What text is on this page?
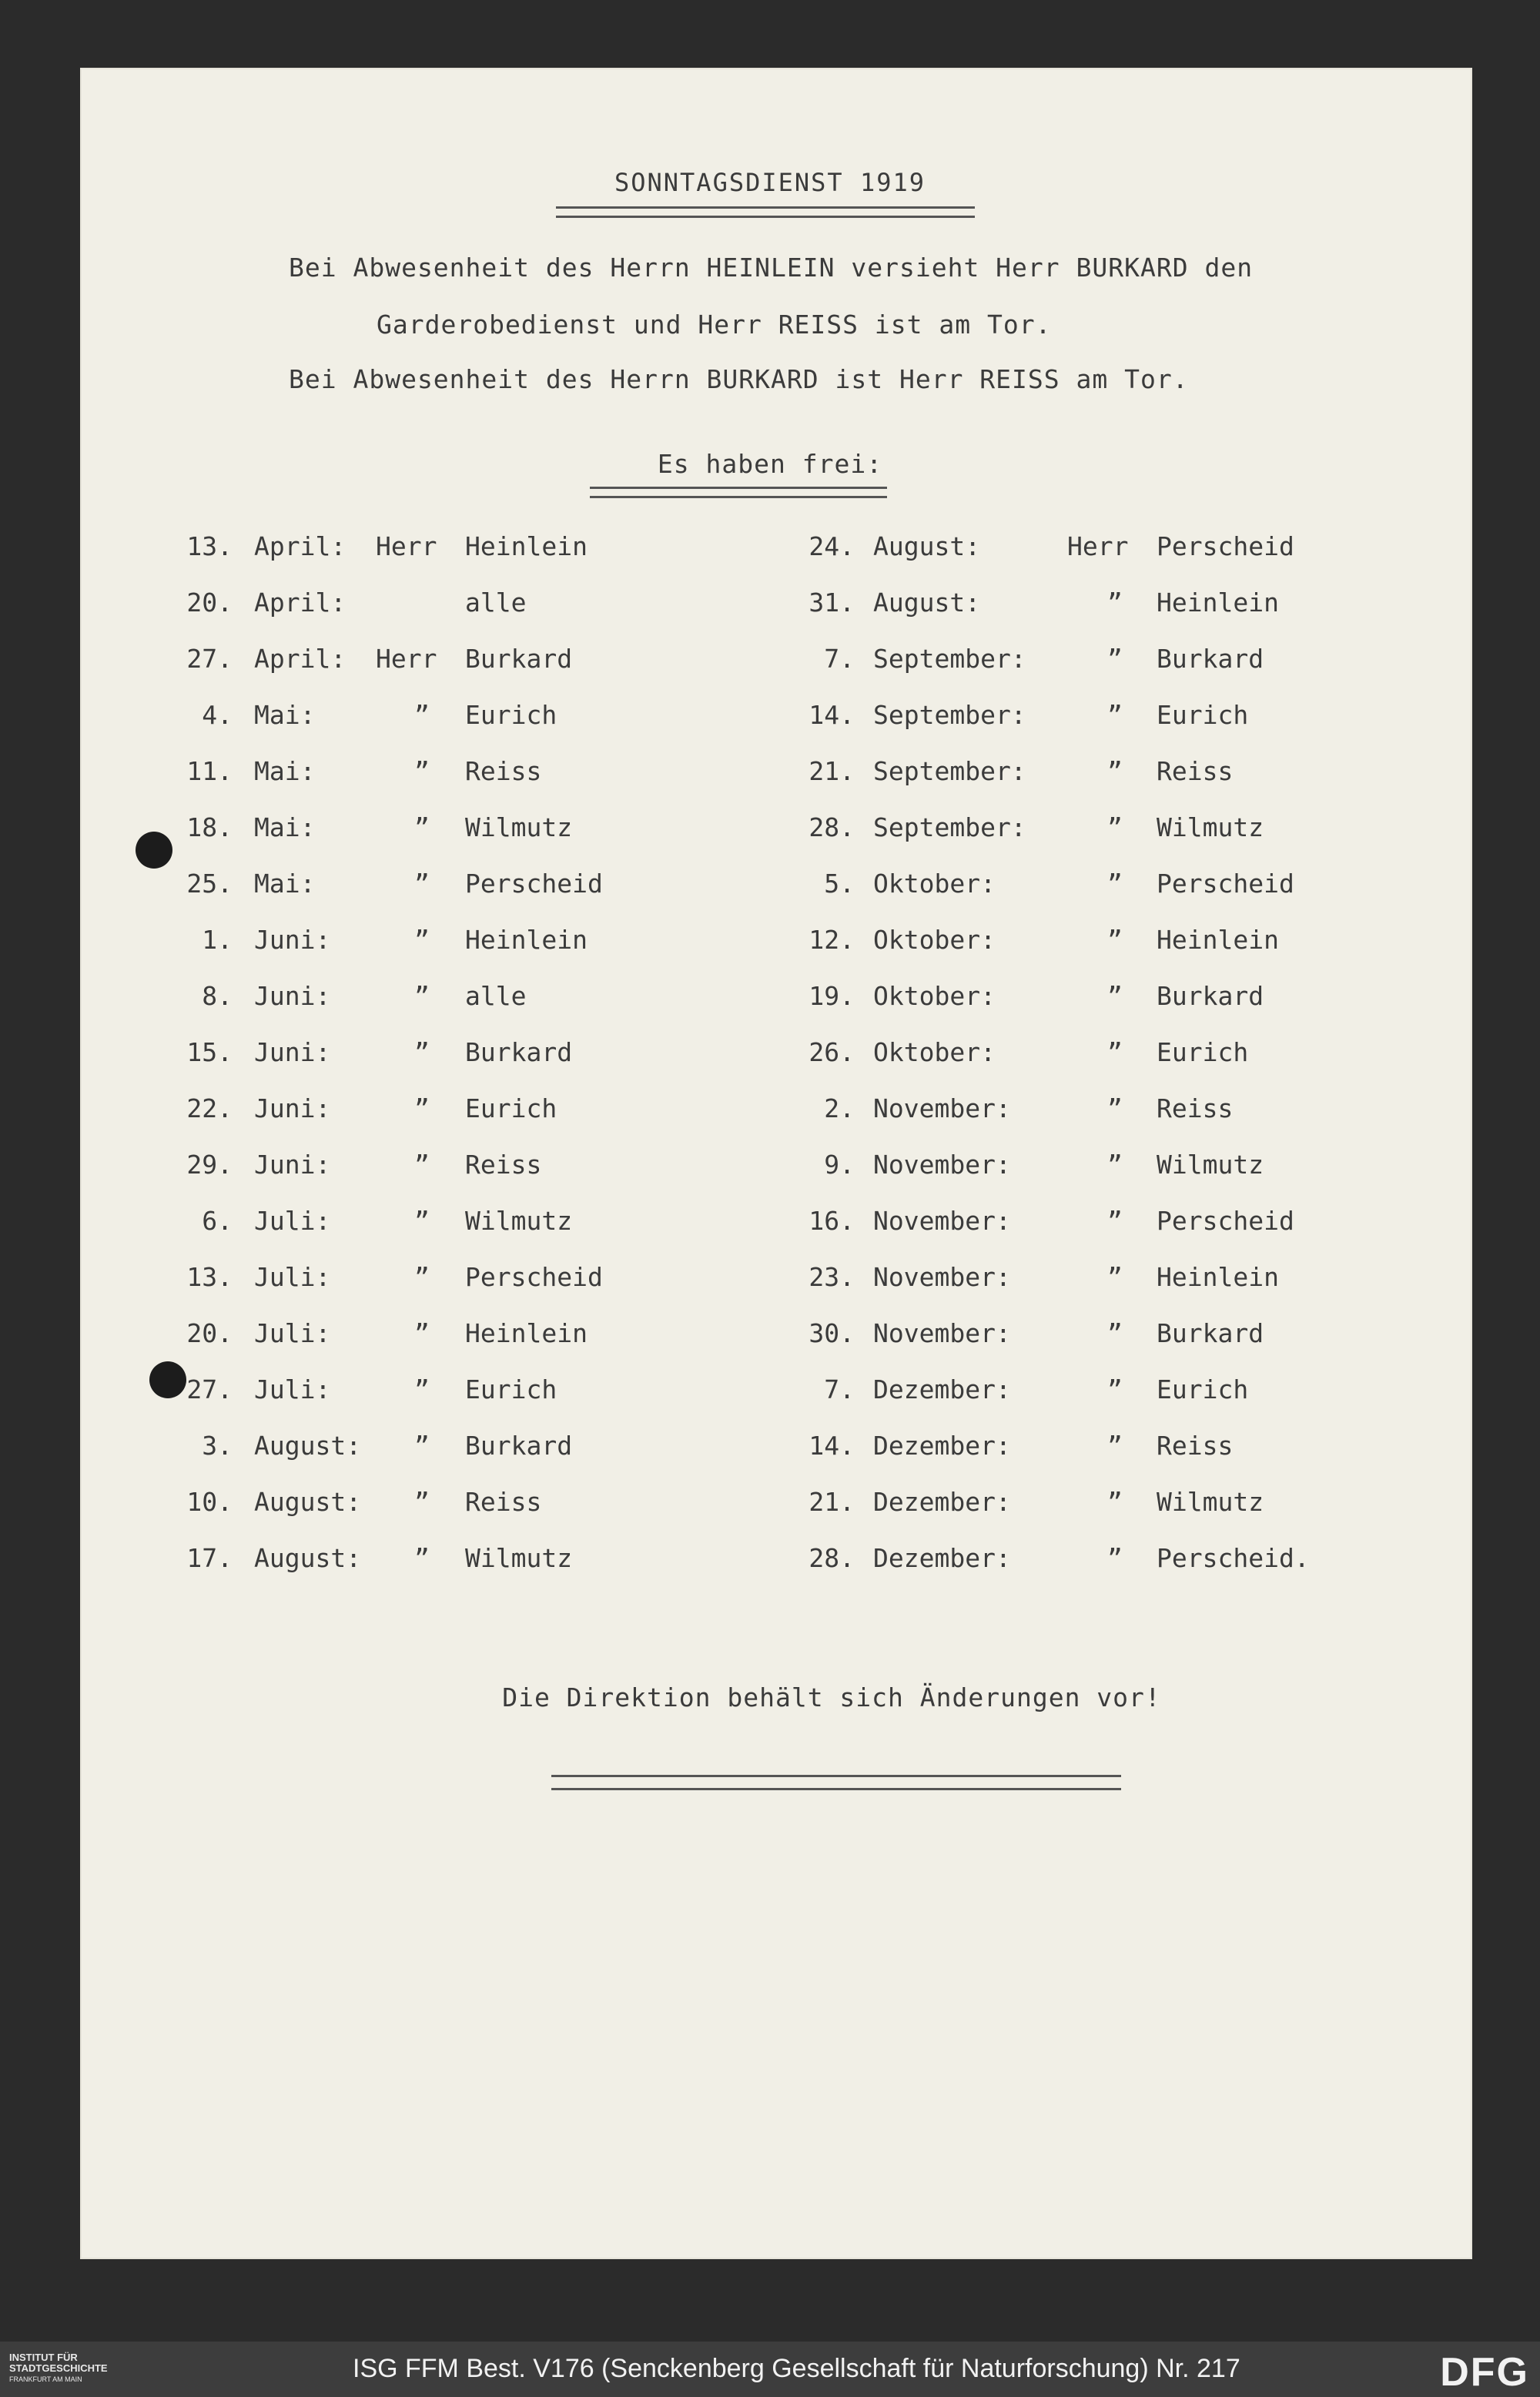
SONNTAGSDIENST 1919
Bei Abwesenheit des Herrn HEINLEIN versieht Herr BURKARD den
Garderobedienst und Herr REISS ist am Tor.
Bei Abwesenheit des Herrn BURKARD ist Herr REISS am Tor.
Es haben frei:
13. April: Herr Heinlein
20. April:	alle
27. April: Herr Burkard
4. Mai:	” Eurich
11. Mai:	” Reiss
18. Mai:	” Wilmutz
25. Mai:	” Perscheid
1. Juni:	” Heinlein
8. Juni:	” alle
15. Juni:	” Burkard
22. Juni:	” Eurich
29. Juni:	” Reiss
6. Juli:	” Wilmutz
13. Juli:	” Perscheid
20. Juli:	” Heinlein
27. Juli:	” Eurich
3. August: ” Burkard
10. August: ” Reiss
17. August: ” Wilmutz
24. August:	Herr Perscheid
31. August:	” Heinlein
7. September:	” Burkard
14. September:	” Eurich
21. September:	” Reiss
28. September:	” Wilmutz
5. Oktober:	” Perscheid
12. Oktober:	” Heinlein
19. Oktober:	” Burkard
26. Oktober:	” Eurich
2. November:	” Reiss
9. November:	” Wilmutz
16. November:	” Perscheid
23. November:	” Heinlein
30. November:	” Burkard
7. Dezember:	” Eurich
14. Dezember:	” Reiss
21. Dezember:	” Wilmutz
28. Dezember:	” Perscheid.
Die Direktion behält sich Änderungen vor!
INSTITUT FÜR
STADTGESCHICHTE
FRANKFURT AM MAIN	ISG FFM Best. V176 (Senckenberg Gesellschaft für Naturforschung) Nr. 217	DFG
